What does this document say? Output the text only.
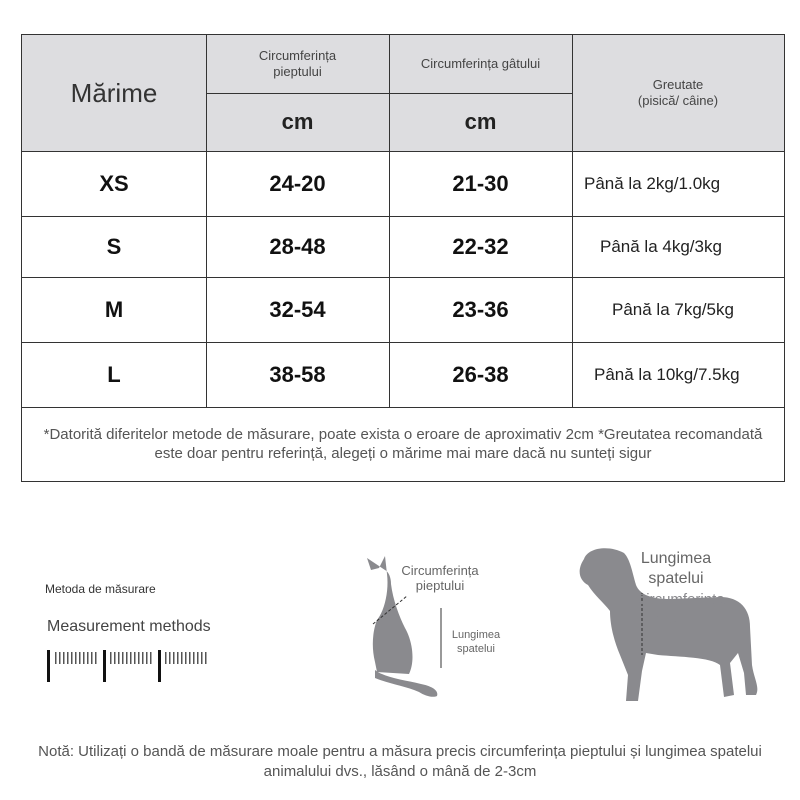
Mărime
Circumferința pieptului
Circumferința gâtului
Greutate
(pisică/ câine)
cm	cm
XS	24-20	21-30	Până la 2kg/1.0kg
S	28-48	22-32	Până la 4kg/3kg
M	32-54	23-36	Până la 7kg/5kg
L	38-58	26-38	Până la 10kg/7.5kg
*Datorită diferitelor metode de măsurare, poate exista o eroare de aproximativ 2cm *Greutatea recomandată este doar pentru referință, alegeți o mărime mai mare dacă nu sunteți sigur
Metoda de măsurare
Measurement methods
Circumferința pieptului
Lungimea spatelui
Lungimea spatelui
Circumferința pieptului
Notă: Utilizați o bandă de măsurare moale pentru a măsura precis circumferința pieptului și lungimea spatelui animalului dvs., lăsând o mână de 2-3cm
